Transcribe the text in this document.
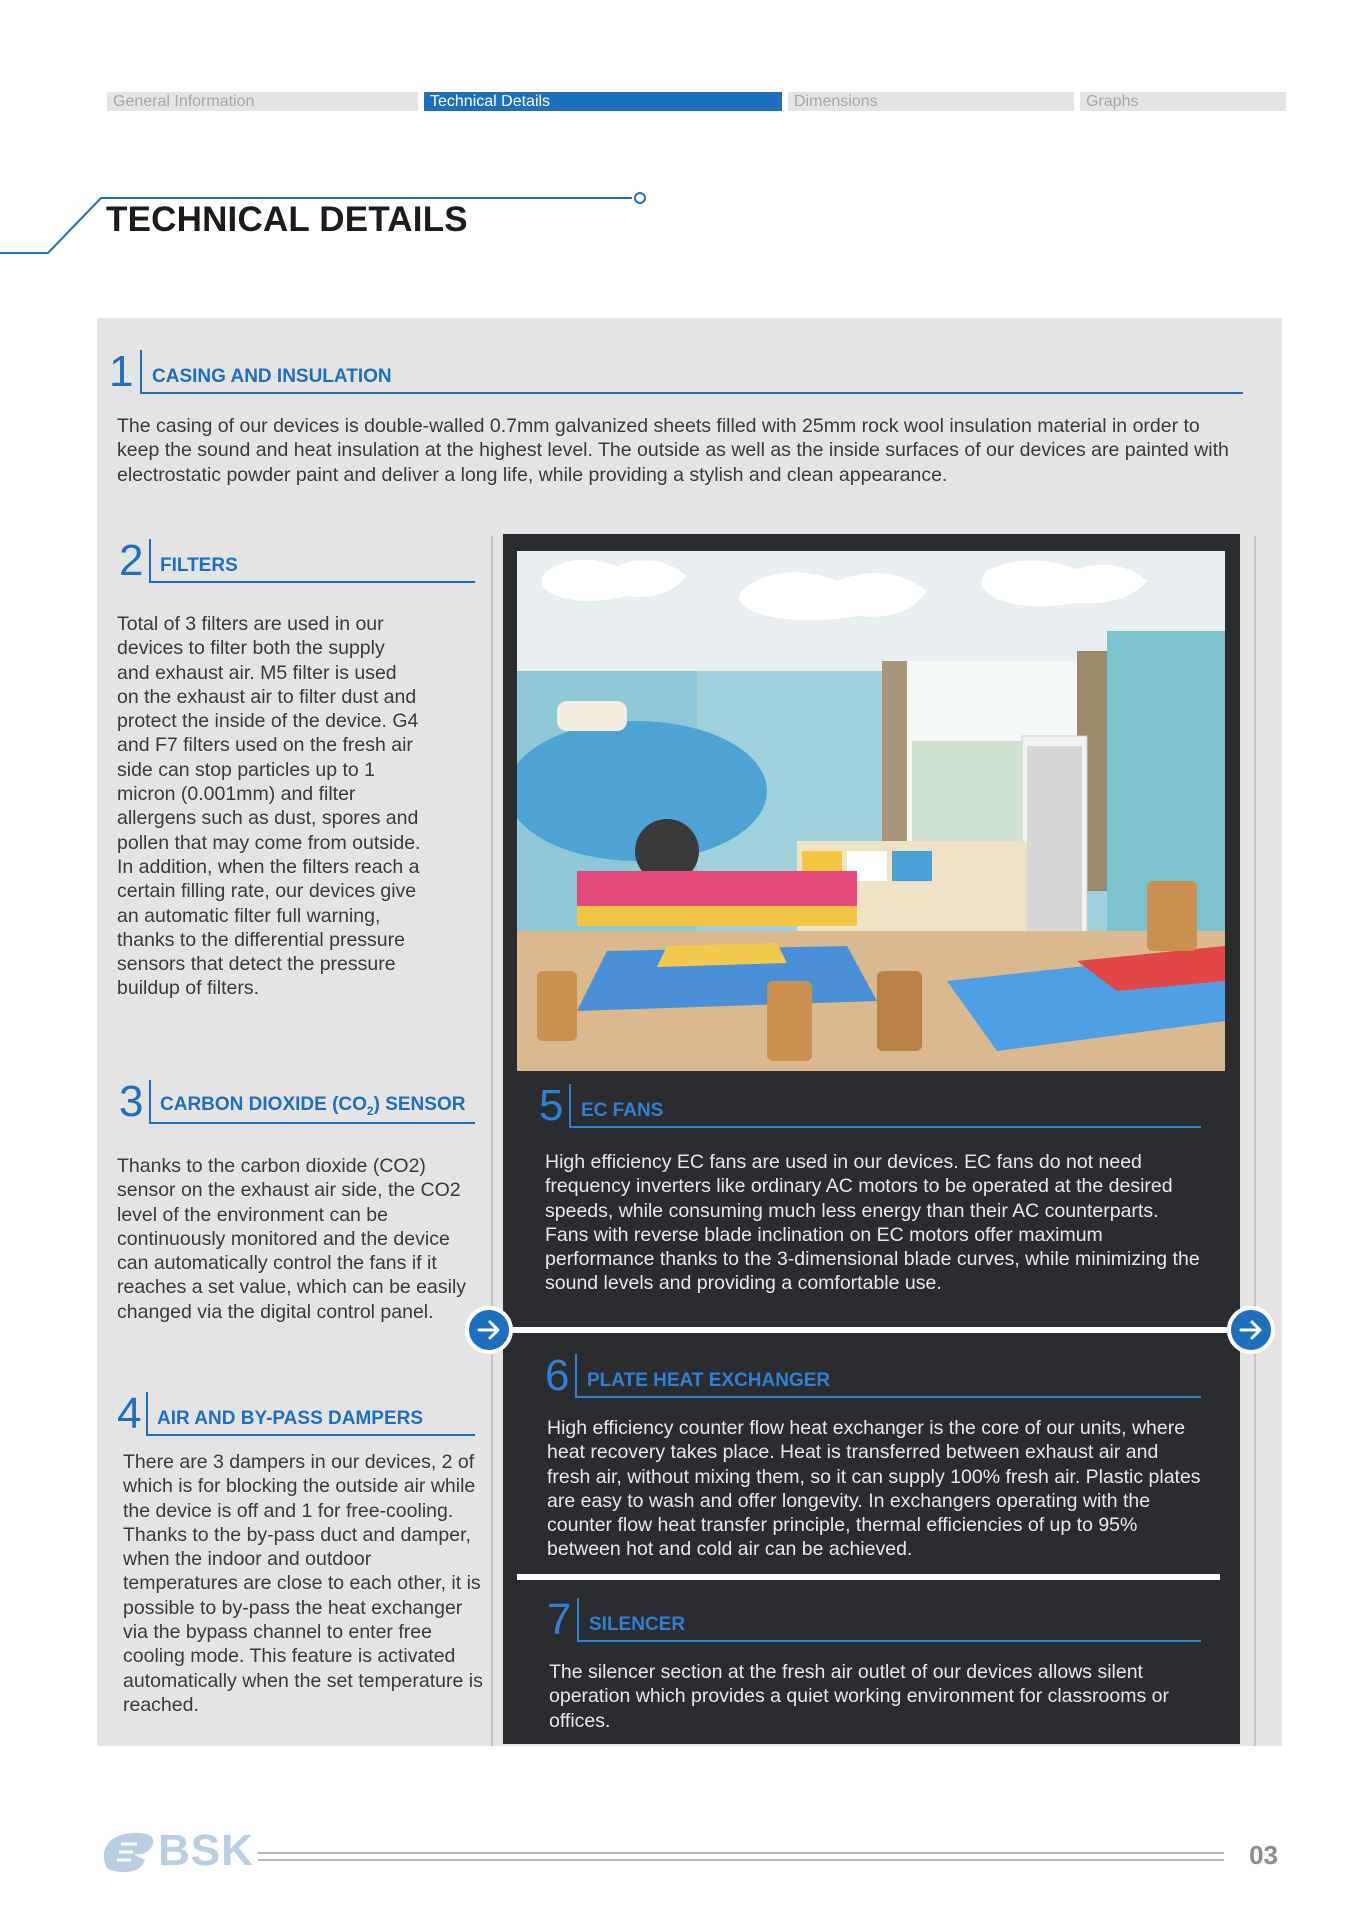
General Information	Technical Details	Dimensions	Graphs
TECHNICAL DETAILS
1 CASING AND INSULATION
The casing of our devices is double-walled 0.7mm galvanized sheets filled with 25mm rock wool insulation material in order to keep the sound and heat insulation at the highest level. The outside as well as the inside surfaces of our devices are painted with electrostatic powder paint and deliver a long life, while providing a stylish and clean appearance.
2 FILTERS
Total of 3 filters are used in our devices to filter both the supply and exhaust air. M5 filter is used on the exhaust air to filter dust and protect the inside of the device. G4 and F7 filters used on the fresh air side can stop particles up to 1 micron (0.001mm) and filter allergens such as dust, spores and pollen that may come from outside. In addition, when the filters reach a certain filling rate, our devices give an automatic filter full warning, thanks to the differential pressure sensors that detect the pressure buildup of filters.
3 CARBON DIOXIDE $(CO_2)$ SENSOR
Thanks to the carbon dioxide (CO2) sensor on the exhaust air side, the CO2 level of the environment can be continuously monitored and the device can automatically control the fans if it reaches a set value, which can be easily changed via the digital control panel.
4 AIR AND BY-PASS DAMPERS
There are 3 dampers in our devices, 2 of which is for blocking the outside air while the device is off and 1 for free-cooling. Thanks to the by-pass duct and damper, when the indoor and outdoor temperatures are close to each other, it is possible to by-pass the heat exchanger via the bypass channel to enter free cooling mode. This feature is activated automatically when the set temperature is reached.
5 EC FANS
High efficiency EC fans are used in our devices. EC fans do not need frequency inverters like ordinary AC motors to be operated at the desired speeds, while consuming much less energy than their AC counterparts. Fans with reverse blade inclination on EC motors offer maximum performance thanks to the 3-dimensional blade curves, while minimizing the sound levels and providing a comfortable use.
6 PLATE HEAT EXCHANGER
High efficiency counter flow heat exchanger is the core of our units, where heat recovery takes place. Heat is transferred between exhaust air and fresh air, without mixing them, so it can supply 100% fresh air. Plastic plates are easy to wash and offer longevity. In exchangers operating with the counter flow heat transfer principle, thermal efficiencies of up to 95% between hot and cold air can be achieved.
7 SILENCER
The silencer section at the fresh air outlet of our devices allows silent operation which provides a quiet working environment for classrooms or offices.
BSK	03
